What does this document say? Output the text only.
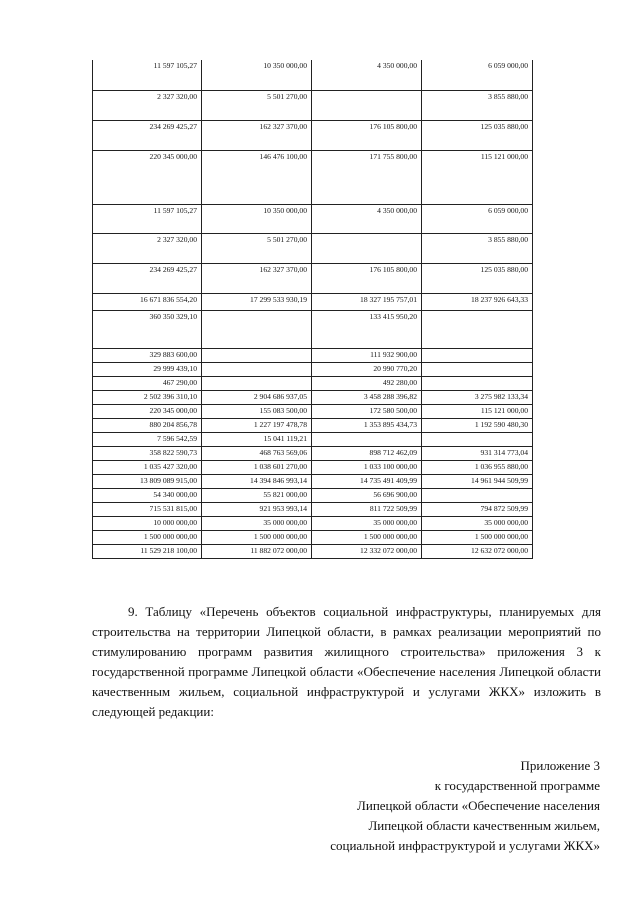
11 597 105,27	10 350 000,00	4 350 000,00	6 059 000,00
2 327 320,00	5 501 270,00		3 855 880,00
234 269 425,27	162 327 370,00	176 105 800,00	125 035 880,00
220 345 000,00	146 476 100,00	171 755 800,00	115 121 000,00
11 597 105,27	10 350 000,00	4 350 000,00	6 059 000,00
2 327 320,00	5 501 270,00		3 855 880,00
234 269 425,27	162 327 370,00	176 105 800,00	125 035 880,00
16 671 836 554,20	17 299 533 930,19	18 327 195 757,01	18 237 926 643,33
360 350 329,10		133 415 950,20	
329 883 600,00		111 932 900,00	
29 999 439,10		20 990 770,20	
467 290,00		492 280,00	
2 502 396 310,10	2 904 686 937,05	3 458 288 396,82	3 275 982 133,34
220 345 000,00	155 083 500,00	172 580 500,00	115 121 000,00
880 204 856,78	1 227 197 478,78	1 353 895 434,73	1 192 590 480,30
7 596 542,59	15 041 119,21		
358 822 590,73	468 763 569,06	898 712 462,09	931 314 773,04
1 035 427 320,00	1 038 601 270,00	1 033 100 000,00	1 036 955 880,00
13 809 089 915,00	14 394 846 993,14	14 735 491 409,99	14 961 944 509,99
54 340 000,00	55 821 000,00	56 696 900,00	
715 531 815,00	921 953 993,14	811 722 509,99	794 872 509,99
10 000 000,00	35 000 000,00	35 000 000,00	35 000 000,00
1 500 000 000,00	1 500 000 000,00	1 500 000 000,00	1 500 000 000,00
11 529 218 100,00	11 882 072 000,00	12 332 072 000,00	12 632 072 000,00

9. Таблицу «Перечень объектов социальной инфраструктуры, планируемых для строительства на территории Липецкой области, в рамках реализации мероприятий по стимулированию программ развития жилищного строительства» приложения 3 к государственной программе Липецкой области «Обеспечение населения Липецкой области качественным жильем, социальной инфраструктурой и услугами ЖКХ» изложить в следующей редакции:

Приложение 3
к государственной программе
Липецкой области «Обеспечение населения
Липецкой области качественным жильем,
социальной инфраструктурой и услугами ЖКХ»
